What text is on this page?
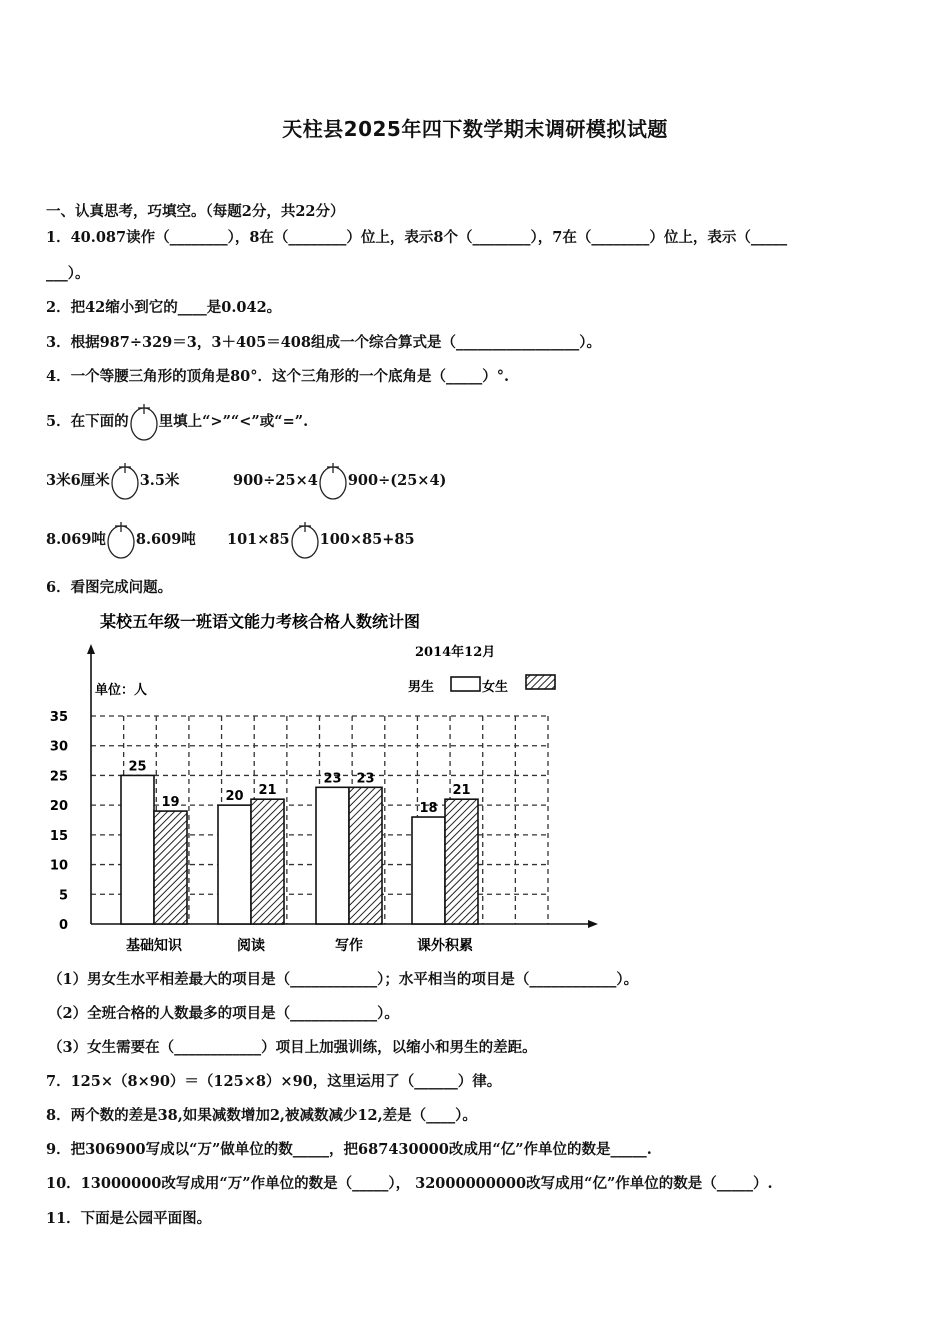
天柱县2025年四下数学期末调研模拟试题
一、认真思考，巧填空。（每题2分，共22分）
1．40.087读作（________），8在（________）位上，表示8个（________），7在（________）位上，表示（_____
___）。
2．把42缩小到它的____是0.042。
3．根据987÷329＝3，3＋405＝408组成一个综合算式是（_________________）。
4．一个等腰三角形的顶角是80°．这个三角形的一个底角是（_____）°.
5．在下面的 里填上“>”“<”或“=”.
3米6厘米 3.5米	900÷25×4 900÷(25×4)
8.069吨 8.609吨 101×85 100×85+85
6．看图完成问题。
某校五年级一班语文能力考核合格人数统计图
2014年12月
单位：人	男生	女生
0
5
10
15
20
25
30
35
25
19	20 21
23 23
18
21
基础知识	阅读	写作	课外积累
（1）男女生水平相差最大的项目是（____________）；水平相当的项目是（____________）。
（2）全班合格的人数最多的项目是（____________）。
（3）女生需要在（____________）项目上加强训练，以缩小和男生的差距。
7．125×（8×90）＝（125×8）×90，这里运用了（______）律。
8．两个数的差是38,如果减数增加2,被减数减少12,差是（____）。
9．把306900写成以“万”做单位的数_____，把687430000改成用“亿”作单位的数是_____.
10．13000000改写成用“万”作单位的数是（_____）， 32000000000改写成用“亿”作单位的数是（_____）.
11．下面是公园平面图。
